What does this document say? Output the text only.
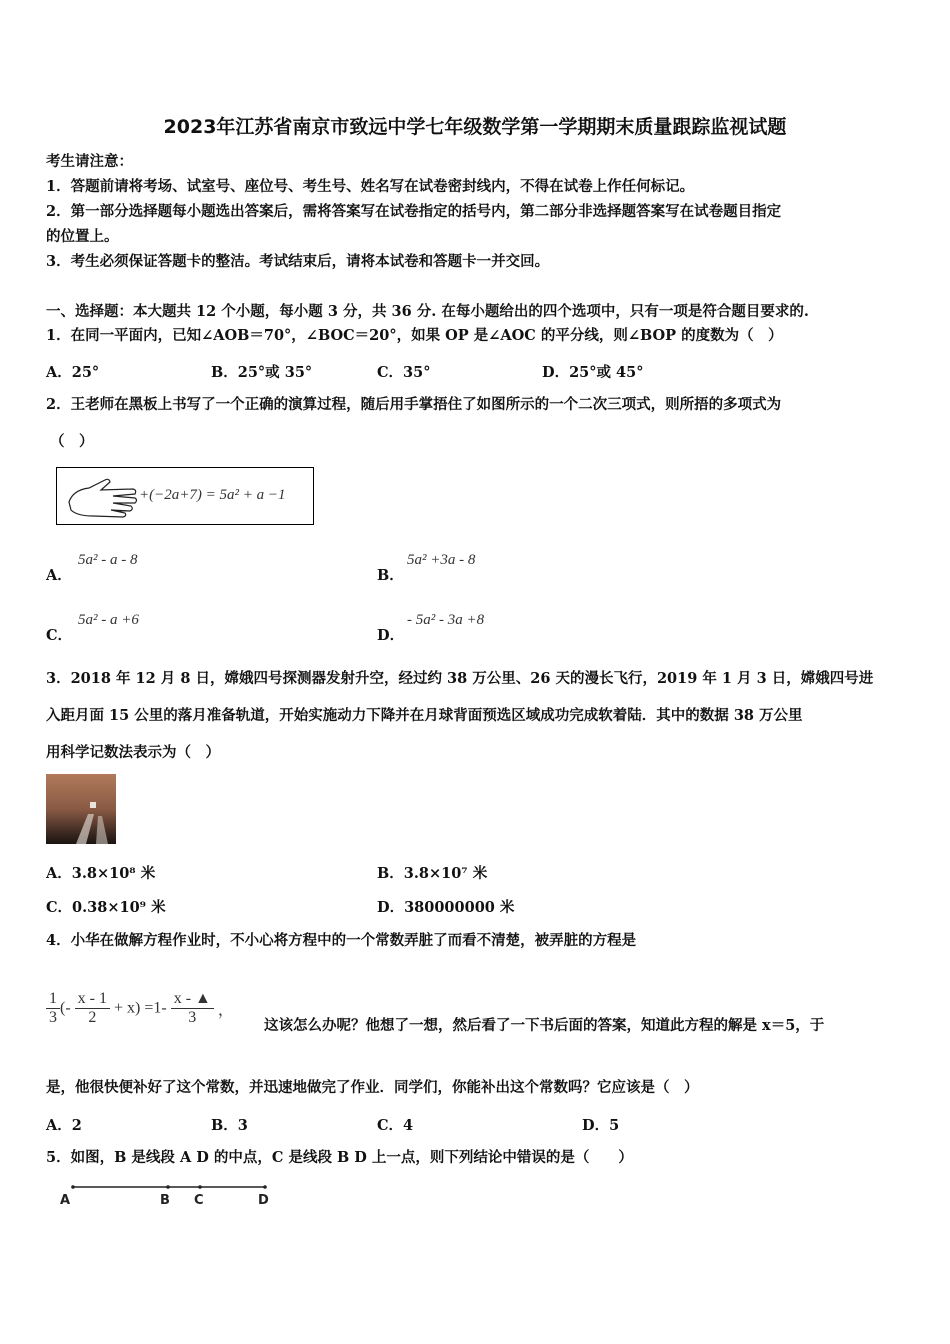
2023年江苏省南京市致远中学七年级数学第一学期期末质量跟踪监视试题
考生请注意：
1．答题前请将考场、试室号、座位号、考生号、姓名写在试卷密封线内，不得在试卷上作任何标记。
2．第一部分选择题每小题选出答案后，需将答案写在试卷指定的括号内，第二部分非选择题答案写在试卷题目指定
的位置上。
3．考生必须保证答题卡的整洁。考试结束后，请将本试卷和答题卡一并交回。
一、选择题：本大题共 12 个小题，每小题 3 分，共 36 分. 在每小题给出的四个选项中，只有一项是符合题目要求的.
1．在同一平面内，已知∠AOB＝70°，∠BOC＝20°，如果 OP 是∠AOC 的平分线，则∠BOP 的度数为（　）
A．25°	B．25°或 35°	C．35°	D．25°或 45°
2．王老师在黑板上书写了一个正确的演算过程，随后用手掌捂住了如图所示的一个二次三项式，则所捂的多项式为
（　）
+(−2a+7) = 5a² + a −1
A．
5a² - a - 8
B．
5a² +3a - 8
C．
5a² - a +6
D．
- 5a² - 3a +8
3．2018 年 12 月 8 日，嫦娥四号探测器发射升空，经过约 38 万公里、26 天的漫长飞行，2019 年 1 月 3 日，嫦娥四号进
入距月面 15 公里的落月准备轨道，开始实施动力下降并在月球背面预选区域成功完成软着陆．其中的数据 38 万公里
用科学记数法表示为（　）
A．3.8×10⁸ 米	B．3.8×10⁷ 米
C．0.38×10⁹ 米	D．380000000 米
4．小华在做解方程作业时，不小心将方程中的一个常数弄脏了而看不清楚，被弄脏的方程是
$\frac{1}{3}$ (- $\frac{x - 1}{2} + x) =1- \frac{x - ▲}{3}$ ，
这该怎么办呢？他想了一想，然后看了一下书后面的答案，知道此方程的解是 x＝5，于
是，他很快便补好了这个常数，并迅速地做完了作业．同学们，你能补出这个常数吗？它应该是（　）
A．2	B．3	C．4	D．5
5．如图，B 是线段 A D 的中点，C 是线段 B D 上一点，则下列结论中错误的是（　　）
A	B C	D
